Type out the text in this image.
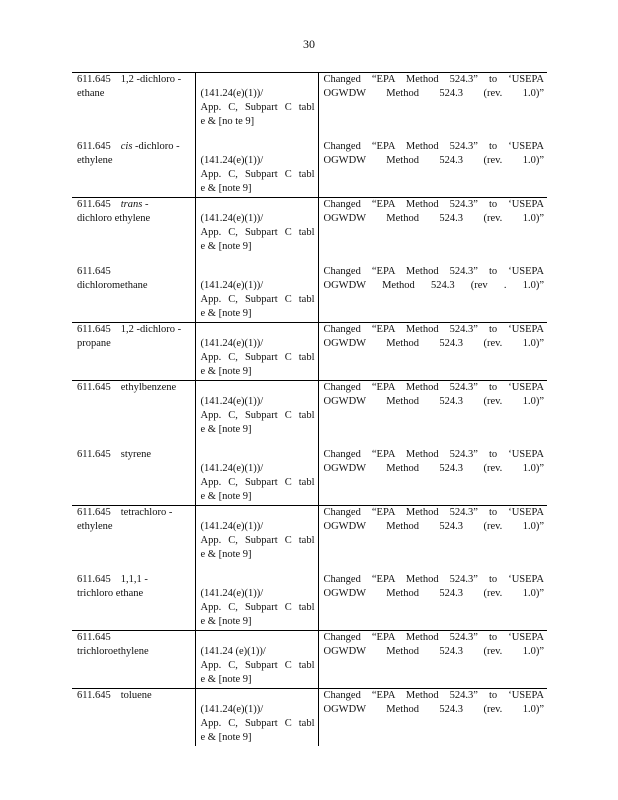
30
611.645 1,2 -dichloro -
ethane	(141.24(e)(1))/
App. C, Subpart C tabl
e & [no te 9]	Changed “EPA Method 524.3” to ‘USEPA
OGWDW Method 524.3 (rev. 1.0)”

611.645 cis -dichloro -
ethylene	(141.24(e)(1))/
App. C, Subpart C tabl
e & [note 9]	Changed “EPA Method 524.3” to ‘USEPA
OGWDW Method 524.3 (rev. 1.0)”

611.645 trans -
dichloro ethylene	(141.24(e)(1))/
App. C, Subpart C tabl
e & [note 9]	Changed “EPA Method 524.3” to ‘USEPA
OGWDW Method 524.3 (rev. 1.0)”

611.645
dichloromethane	(141.24(e)(1))/
App. C, Subpart C tabl
e & [note 9]	Changed “EPA Method 524.3” to ‘USEPA
OGWDW Method 524.3 (rev . 1.0)”

611.645 1,2 -dichloro -
propane	(141.24(e)(1))/
App. C, Subpart C tabl
e & [note 9]	Changed “EPA Method 524.3” to ‘USEPA
OGWDW Method 524.3 (rev. 1.0)”

611.645 ethylbenzene	(141.24(e)(1))/
App. C, Subpart C tabl
e & [note 9]	Changed “EPA Method 524.3” to ‘USEPA
OGWDW Method 524.3 (rev. 1.0)”

611.645 styrene	(141.24(e)(1))/
App. C, Subpart C tabl
e & [note 9]	Changed “EPA Method 524.3” to ‘USEPA
OGWDW Method 524.3 (rev. 1.0)”

611.645 tetrachloro -
ethylene	(141.24(e)(1))/
App. C, Subpart C tabl
e & [note 9]	Changed “EPA Method 524.3” to ‘USEPA
OGWDW Method 524.3 (rev. 1.0)”

611.645 1,1,1 -
trichloro ethane	(141.24(e)(1))/
App. C, Subpart C tabl
e & [note 9]	Changed “EPA Method 524.3” to ‘USEPA
OGWDW Method 524.3 (rev. 1.0)”

611.645
trichloroethylene	(141.24 (e)(1))/
App. C, Subpart C tabl
e & [note 9]	Changed “EPA Method 524.3” to ‘USEPA
OGWDW Method 524.3 (rev. 1.0)”

611.645 toluene	(141.24(e)(1))/
App. C, Subpart C tabl
e & [note 9]	Changed “EPA Method 524.3” to ‘USEPA
OGWDW Method 524.3 (rev. 1.0)”
